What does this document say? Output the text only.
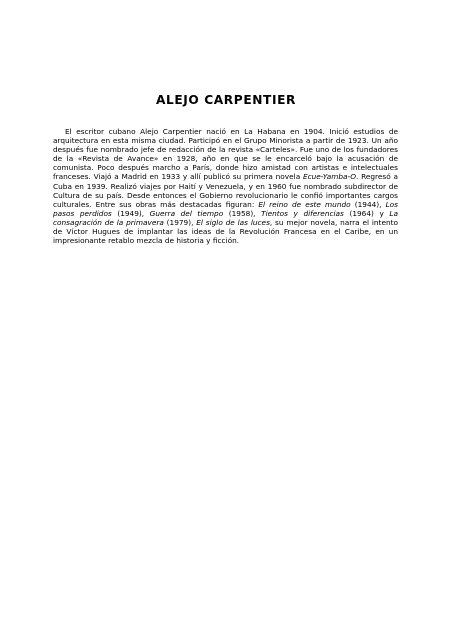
ALEJO CARPENTIER

El escritor cubano Alejo Carpentier nació en La Habana en 1904. Inició estudios de arquitectura en esta misma ciudad. Participó en el Grupo Minorista a partir de 1923. Un año después fue nombrado jefe de redacción de la revista «Carteles». Fue uno de los fundadores de la «Revista de Avance» en 1928, año en que se le encarceló bajo la acusación de comunista. Poco después marcho a París, donde hizo amistad con artistas e intelectuales franceses. Viajó a Madrid en 1933 y allí publicó su primera novela Ecue-Yamba-O. Regresó a Cuba en 1939. Realizó viajes por Haití y Venezuela, y en 1960 fue nombrado subdirector de Cultura de su país. Desde entonces el Gobierno revolucionario le confió importantes cargos culturales. Entre sus obras más destacadas figuran: El reino de este mundo (1944), Los pasos perdidos (1949), Guerra del tiempo (1958), Tientos y diferencias (1964) y La consagración de la primavera (1979), El siglo de las luces, su mejor novela, narra el intento de Víctor Hugues de implantar las ideas de la Revolución Francesa en el Caribe, en un impresionante retablo mezcla de historia y ficción.
